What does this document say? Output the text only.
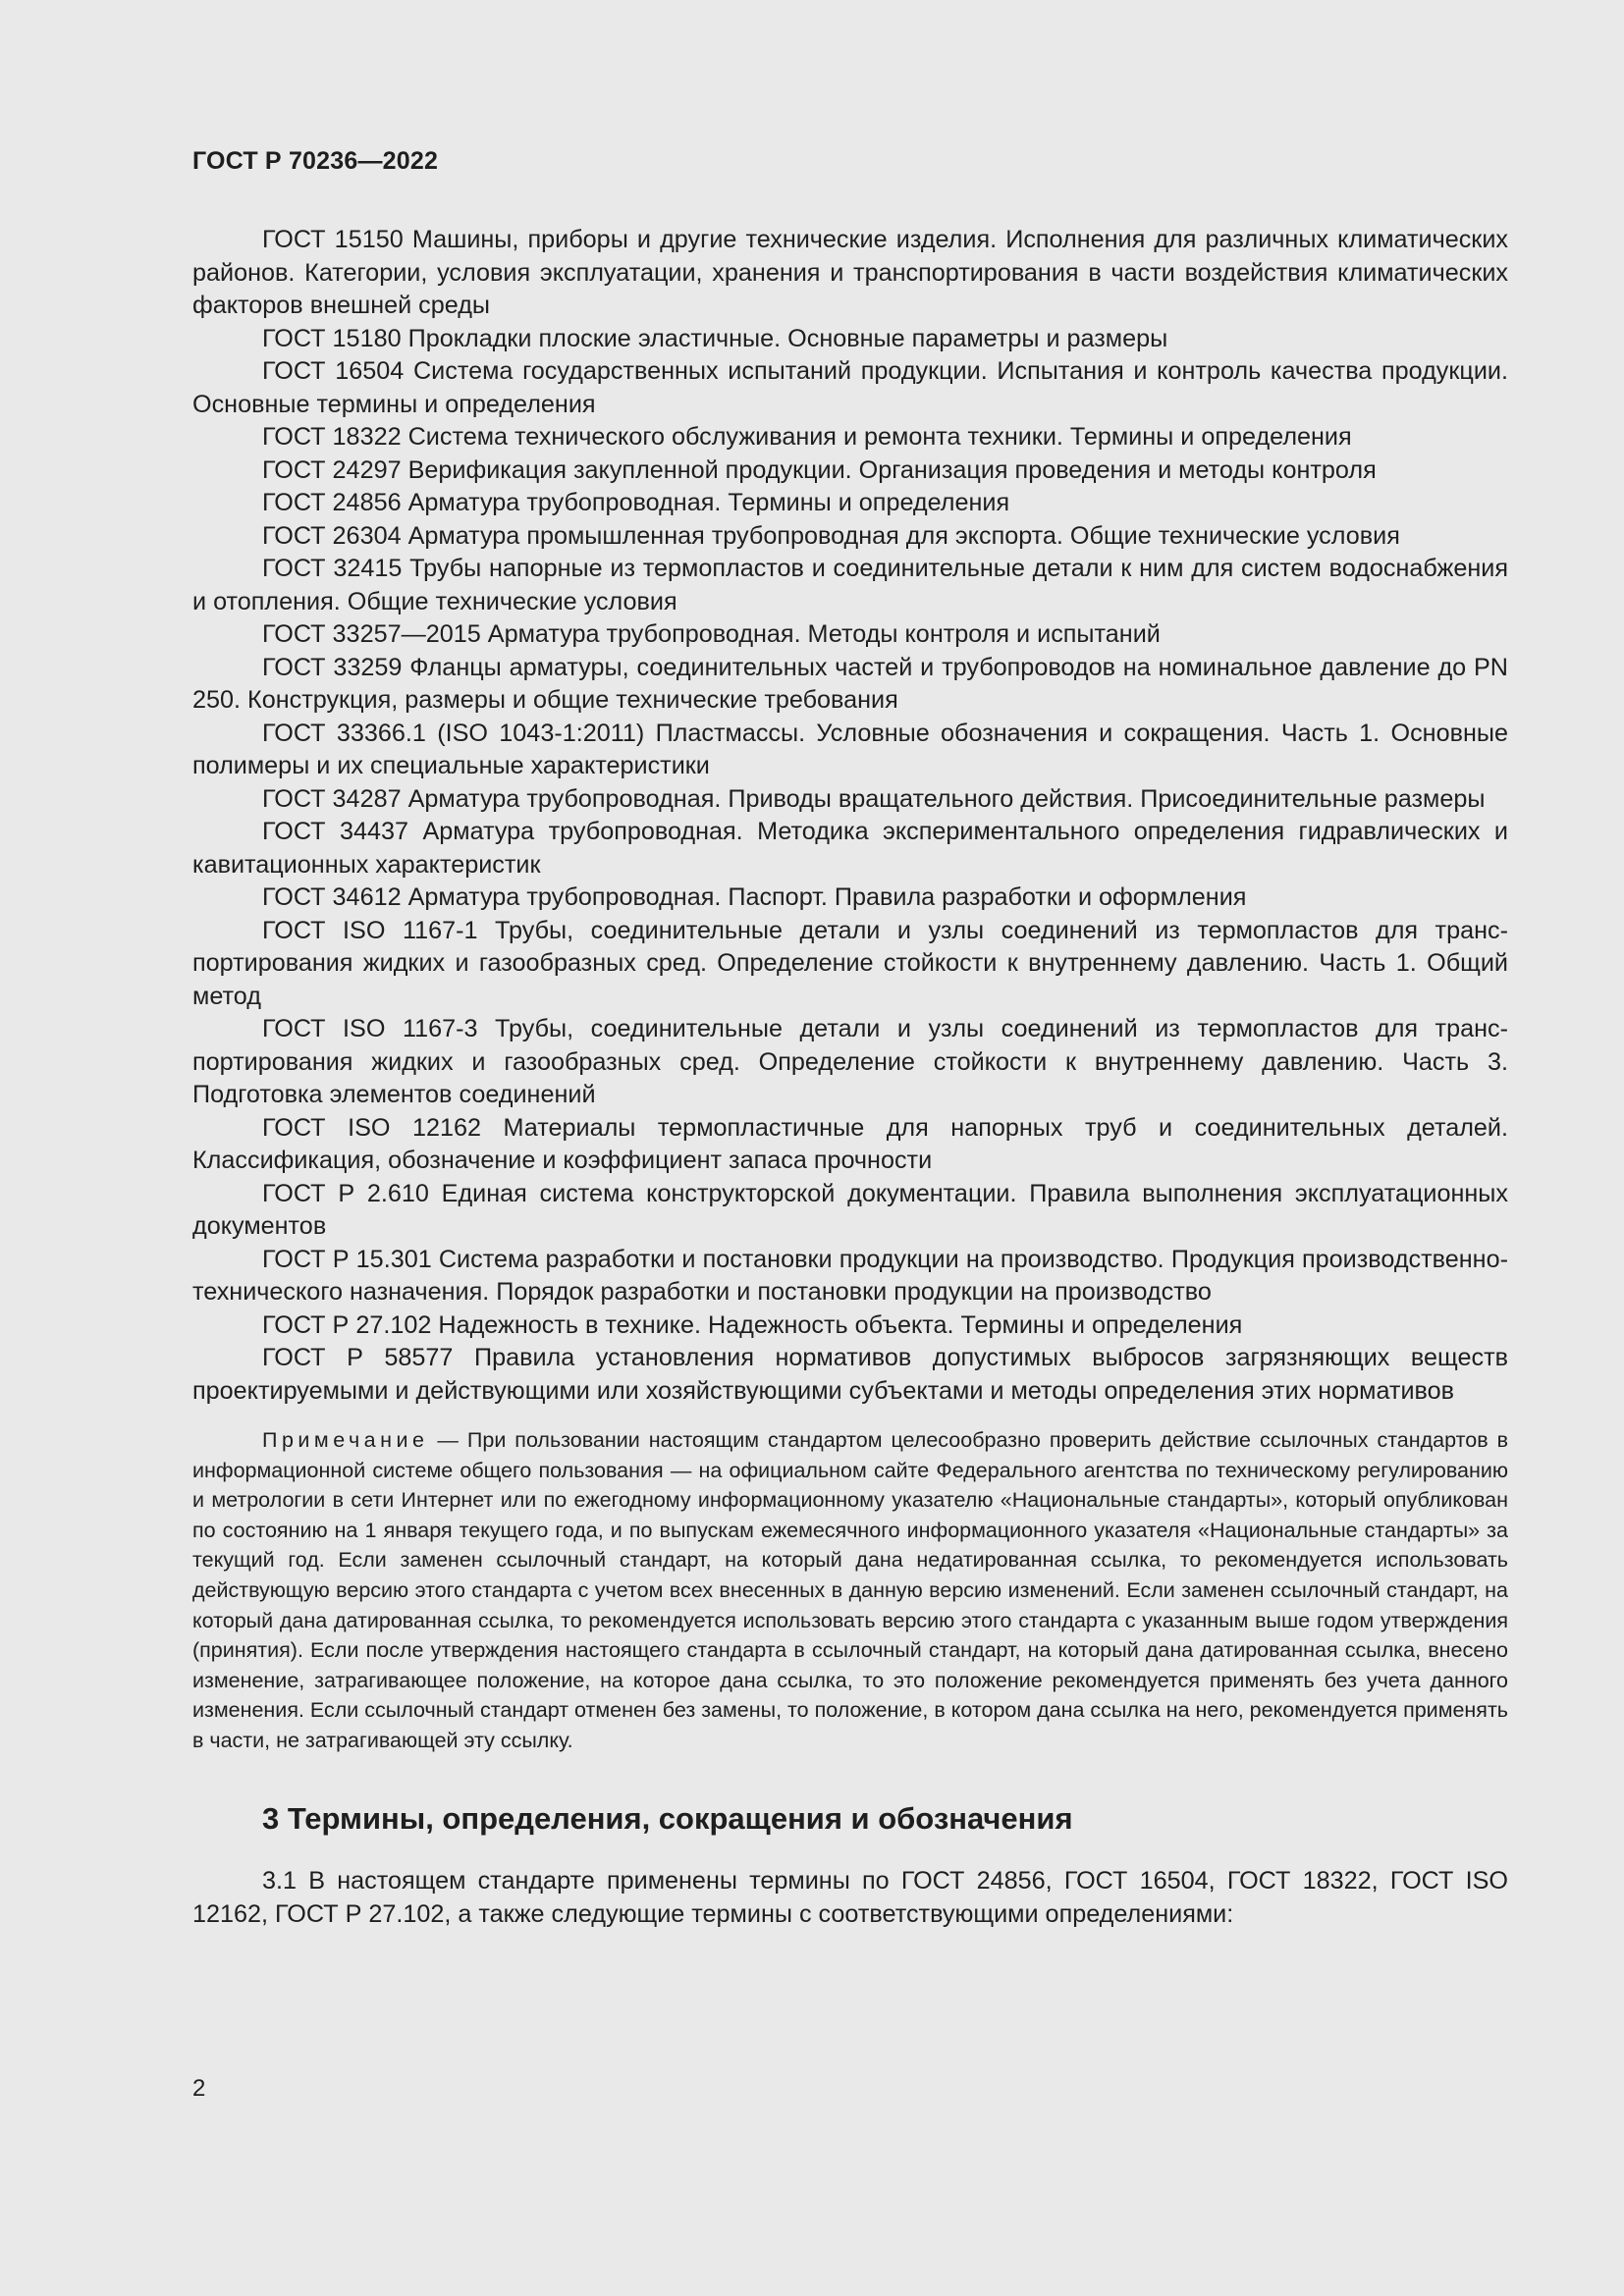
ГОСТ Р 70236—2022

ГОСТ 15150 Машины, приборы и другие технические изделия. Исполнения для различных климатических районов. Категории, условия эксплуатации, хранения и транспортирования в части воздействия климатических факторов внешней среды

ГОСТ 15180 Прокладки плоские эластичные. Основные параметры и размеры

ГОСТ 16504 Система государственных испытаний продукции. Испытания и контроль качества продукции. Основные термины и определения

ГОСТ 18322 Система технического обслуживания и ремонта техники. Термины и определения

ГОСТ 24297 Верификация закупленной продукции. Организация проведения и методы контроля

ГОСТ 24856 Арматура трубопроводная. Термины и определения

ГОСТ 26304 Арматура промышленная трубопроводная для экспорта. Общие технические условия

ГОСТ 32415 Трубы напорные из термопластов и соединительные детали к ним для систем водоснабжения и отопления. Общие технические условия

ГОСТ 33257—2015 Арматура трубопроводная. Методы контроля и испытаний

ГОСТ 33259 Фланцы арматуры, соединительных частей и трубопроводов на номинальное давление до PN 250. Конструкция, размеры и общие технические требования

ГОСТ 33366.1 (ISO 1043-1:2011) Пластмассы. Условные обозначения и сокращения. Часть 1. Основные полимеры и их специальные характеристики

ГОСТ 34287 Арматура трубопроводная. Приводы вращательного действия. Присоединительные размеры

ГОСТ 34437 Арматура трубопроводная. Методика экспериментального определения гидравлических и кавитационных характеристик

ГОСТ 34612 Арматура трубопроводная. Паспорт. Правила разработки и оформления

ГОСТ ISO 1167-1 Трубы, соединительные детали и узлы соединений из термопластов для транспортирования жидких и газообразных сред. Определение стойкости к внутреннему давлению. Часть 1. Общий метод

ГОСТ ISO 1167-3 Трубы, соединительные детали и узлы соединений из термопластов для транспортирования жидких и газообразных сред. Определение стойкости к внутреннему давлению. Часть 3. Подготовка элементов соединений

ГОСТ ISO 12162 Материалы термопластичные для напорных труб и соединительных деталей. Классификация, обозначение и коэффициент запаса прочности

ГОСТ Р 2.610 Единая система конструкторской документации. Правила выполнения эксплуатационных документов

ГОСТ Р 15.301 Система разработки и постановки продукции на производство. Продукция производственно-технического назначения. Порядок разработки и постановки продукции на производство

ГОСТ Р 27.102 Надежность в технике. Надежность объекта. Термины и определения

ГОСТ Р 58577 Правила установления нормативов допустимых выбросов загрязняющих веществ проектируемыми и действующими или хозяйствующими субъектами и методы определения этих нормативов

Примечание — При пользовании настоящим стандартом целесообразно проверить действие ссылочных стандартов в информационной системе общего пользования — на официальном сайте Федерального агентства по техническому регулированию и метрологии в сети Интернет или по ежегодному информационному указателю «Национальные стандарты», который опубликован по состоянию на 1 января текущего года, и по выпускам ежемесячного информационного указателя «Национальные стандарты» за текущий год. Если заменен ссылочный стандарт, на который дана недатированная ссылка, то рекомендуется использовать действующую версию этого стандарта с учетом всех внесенных в данную версию изменений. Если заменен ссылочный стандарт, на который дана датированная ссылка, то рекомендуется использовать версию этого стандарта с указанным выше годом утверждения (принятия). Если после утверждения настоящего стандарта в ссылочный стандарт, на который дана датированная ссылка, внесено изменение, затрагивающее положение, на которое дана ссылка, то это положение рекомендуется применять без учета данного изменения. Если ссылочный стандарт отменен без замены, то положение, в котором дана ссылка на него, рекомендуется применять в части, не затрагивающей эту ссылку.

3 Термины, определения, сокращения и обозначения

3.1 В настоящем стандарте применены термины по ГОСТ 24856, ГОСТ 16504, ГОСТ 18322, ГОСТ ISO 12162, ГОСТ Р 27.102, а также следующие термины с соответствующими определениями:

2
